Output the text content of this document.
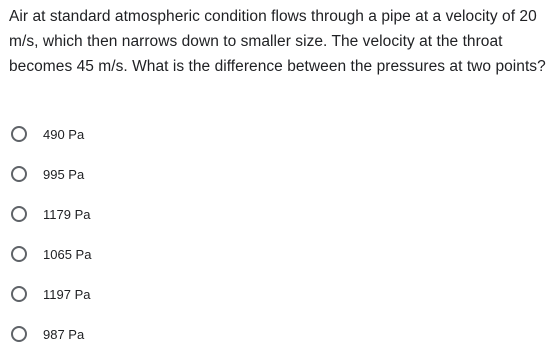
Air at standard atmospheric condition flows through a pipe at a velocity of 20 m/s, which then narrows down to smaller size. The velocity at the throat becomes 45 m/s. What is the difference between the pressures at two points?
490 Pa
995 Pa
1179 Pa
1065 Pa
1197 Pa
987 Pa
